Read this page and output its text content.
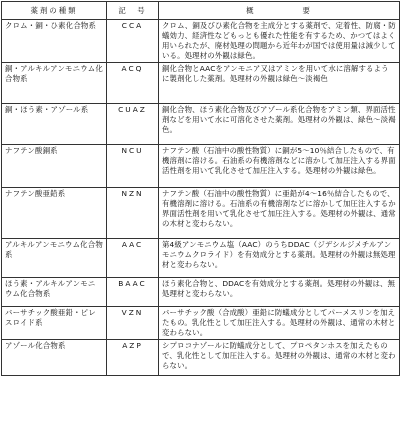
薬剤の種類	記　号	概　　　　　要
クロム・銅・ひ素化合物系	CCA	クロム、銅及びひ素化合物を主成分とする薬剤で、定着性、防腐・防蟻効力、経済性などもっとも優れた性能を有するため、かつてはよく用いられたが、廃材処理の問題から近年わが国では使用量は減少している。処理材の外観は緑色。
銅・アルキルアンモニウム化合物系	ACQ	銅化合物とAACをアンモニア又はアミンを用いて水に溶解するように製剤化した薬剤。処理材の外観は緑色～淡褐色
銅・ほう素・アゾール系	CUAZ	銅化合物、ほう素化合物及びアゾール系化合物をアミン類、界面活性剤などを用いて水に可溶化させた薬剤。処理材の外観は、緑色～淡褐色。
ナフテン酸銅系	NCU	ナフテン酸（石油中の酸性物質）に銅が5～10％結合したもので、有機溶剤に溶ける。石油系の有機溶剤などに溶かして加圧注入する界面活性剤を用いて乳化させて加圧注入する。処理材の外観は緑色。
ナフテン酸亜鉛系	NZN	ナフテン酸（石油中の酸性物質）に亜鉛が4～16％結合したもので、有機溶剤に溶ける。石油系の有機溶剤などに溶かして加圧注入するか界面活性剤を用いて乳化させて加圧注入する。処理材の外観は、通常の木材と変わらない。
アルキルアンモニウム化合物系	AAC	第4級アンモニウム塩（AAC）のうちDDAC（ジデシルジメチルアンモニウムクロライド）を有効成分とする薬剤。処理材の外観は無処理材と変わらない。
ほう素・アルキルアンモニウム化合物系	BAAC	ほう素化合物と、DDACを有効成分とする薬剤。処理材の外観は、無処理材と変わらない。
バーサチック酸亜鉛・ピレスロイド系	VZN	バーサチック酸（合成酸）亜鉛に防蟻成分としてパーメスリンを加えたもの。乳化性として加圧注入する。処理材の外観は、通常の木材と変わらない。
アゾール化合物系	AZP	シプロコナゾールに防蟻成分として、プロペタンホスを加えたもので、乳化性として加圧注入する。処理材の外観は、通常の木材と変わらない。
